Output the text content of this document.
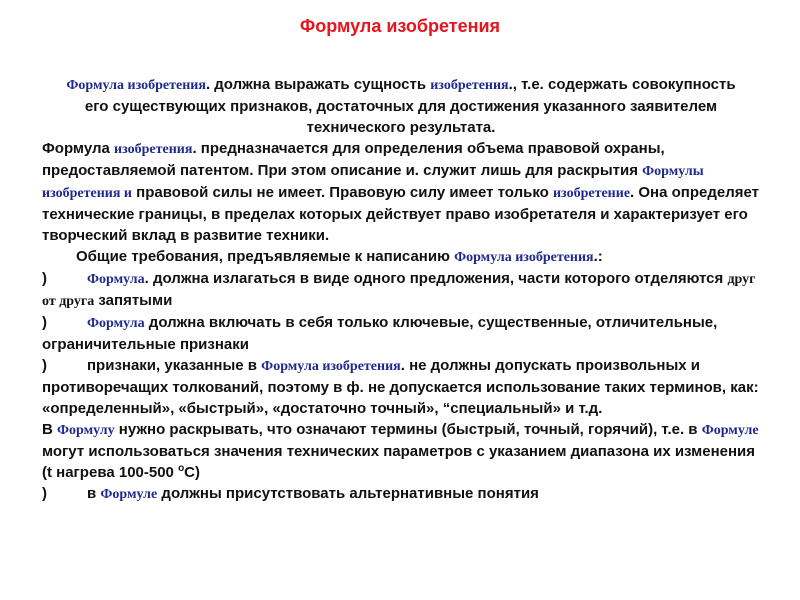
Формула изобретения

Формула изобретения. должна выражать сущность изобретения., т.е. содержать совокупность его существующих признаков, достаточных для достижения указанного заявителем технического результата.

Формула изобретения. предназначается для определения объема правовой охраны, предоставляемой патентом. При этом описание и. служит лишь для раскрытия Формулы изобретения и правовой силы не имеет. Правовую силу имеет только изобретение. Она определяет технические границы, в пределах которых действует право изобретателя и характеризует его творческий вклад в развитие техники.

Общие требования, предъявляемые к написанию Формула изобретения.:

)	Формула. должна излагаться в виде одного предложения, части которого отделяются друг от друга запятыми

)	Формула должна включать в себя только ключевые, существенные, отличительные, ограничительные признаки

)	признаки, указанные в Формула изобретения. не должны допускать произвольных и противоречащих толкований, поэтому в ф. не допускается использование таких терминов, как: «определенный», «быстрый», «достаточно точный», “специальный» и т.д.

В Формулу нужно раскрывать, что означают термины (быстрый, точный, горячий), т.е. в Формуле могут использоваться значения технических параметров с указанием диапазона их изменения (t нагрева 100-500 $^о$С)

)	в Формуле должны присутствовать альтернативные понятия
